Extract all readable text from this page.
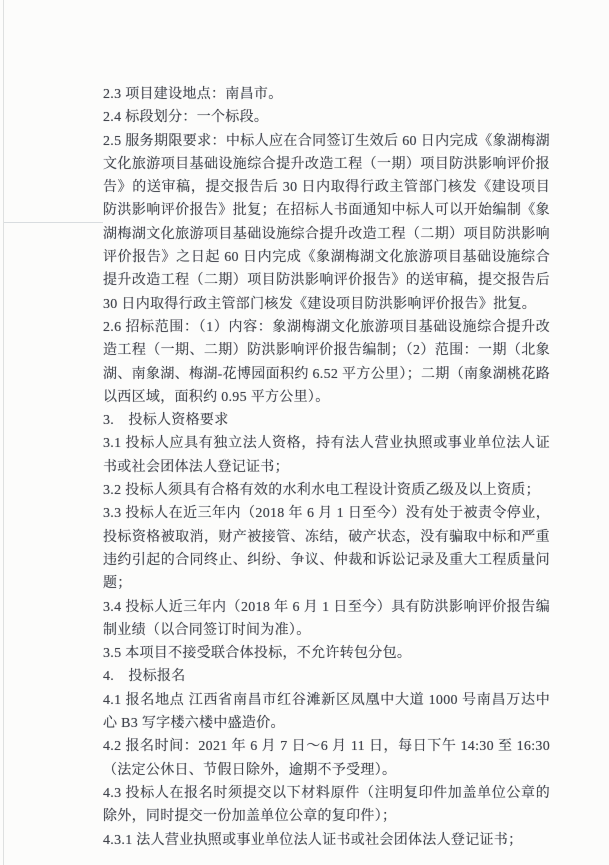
2.3 项目建设地点：南昌市。

2.4 标段划分：一个标段。

2.5 服务期限要求：中标人应在合同签订生效后 60 日内完成《象湖梅湖文化旅游项目基础设施综合提升改造工程（一期）项目防洪影响评价报告》的送审稿，提交报告后 30 日内取得行政主管部门核发《建设项目防洪影响评价报告》批复；在招标人书面通知中标人可以开始编制《象湖梅湖文化旅游项目基础设施综合提升改造工程（二期）项目防洪影响评价报告》之日起 60 日内完成《象湖梅湖文化旅游项目基础设施综合提升改造工程（二期）项目防洪影响评价报告》的送审稿，提交报告后 30 日内取得行政主管部门核发《建设项目防洪影响评价报告》批复。

2.6 招标范围：（1）内容：象湖梅湖文化旅游项目基础设施综合提升改造工程（一期、二期）防洪影响评价报告编制；（2）范围：一期（北象湖、南象湖、梅湖-花博园面积约 6.52 平方公里）；二期（南象湖桃花路以西区域，面积约 0.95 平方公里）。

3.　投标人资格要求

3.1 投标人应具有独立法人资格，持有法人营业执照或事业单位法人证书或社会团体法人登记证书；

3.2 投标人须具有合格有效的水利水电工程设计资质乙级及以上资质；

3.3 投标人在近三年内（2018 年 6 月 1 日至今）没有处于被责令停业，投标资格被取消，财产被接管、冻结，破产状态，没有骗取中标和严重违约引起的合同终止、纠纷、争议、仲裁和诉讼记录及重大工程质量问题；

3.4 投标人近三年内（2018 年 6 月 1 日至今）具有防洪影响评价报告编制业绩（以合同签订时间为准）。

3.5 本项目不接受联合体投标，不允许转包分包。

4.　投标报名

4.1 报名地点 江西省南昌市红谷滩新区凤凰中大道 1000 号南昌万达中心 B3 写字楼六楼中盛造价。

4.2 报名时间：2021 年 6 月 7 日～6 月 11 日，每日下午 14:30 至 16:30（法定公休日、节假日除外，逾期不予受理）。

4.3 投标人在报名时须提交以下材料原件（注明复印件加盖单位公章的除外，同时提交一份加盖单位公章的复印件）；

4.3.1 法人营业执照或事业单位法人证书或社会团体法人登记证书；
